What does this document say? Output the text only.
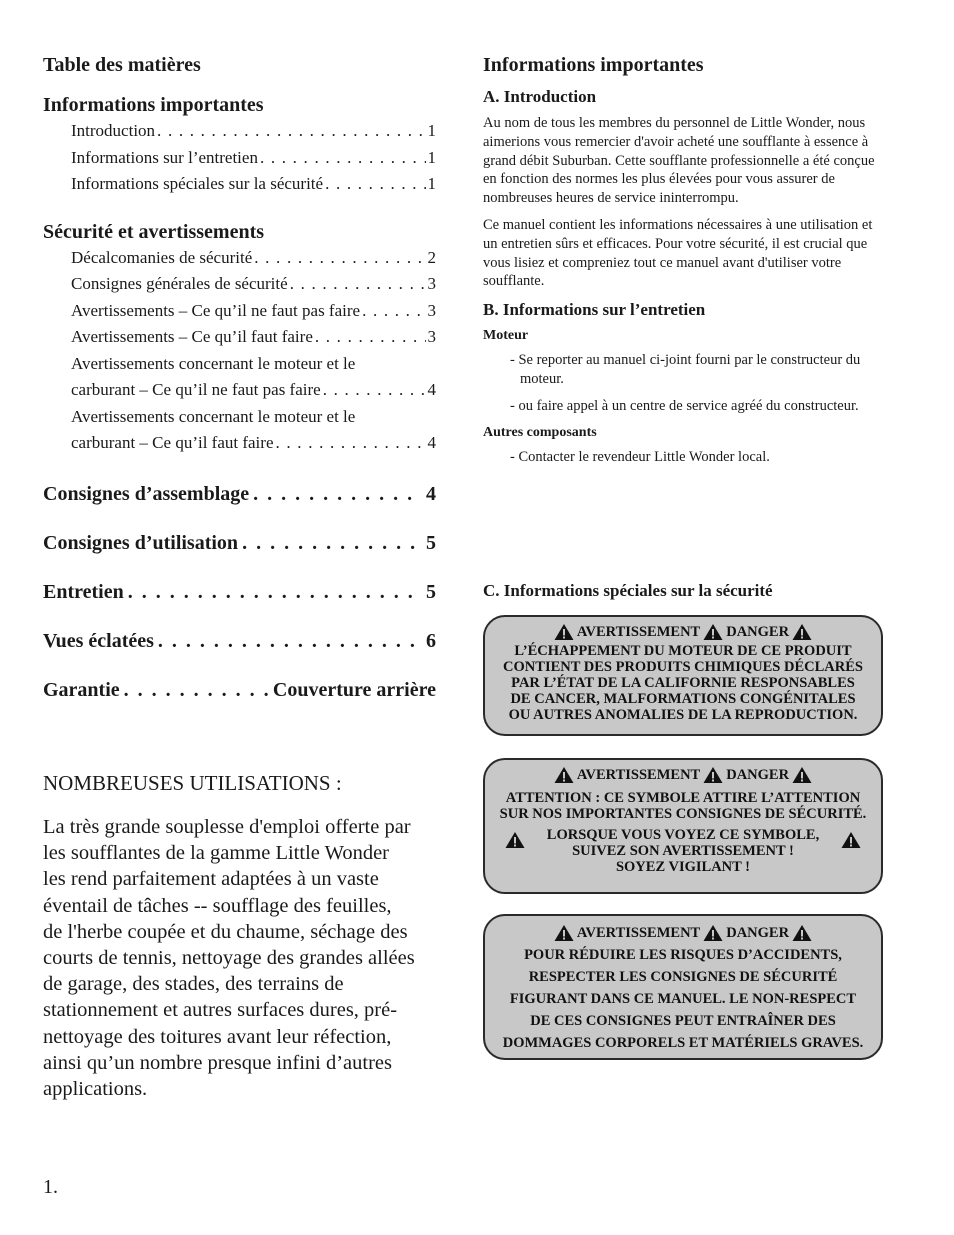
Table des matières
Informations importantes
Introduction . . .	1
Informations sur l’entretien . . .	1
Informations spéciales sur la sécurité . . .	1
Sécurité et avertissements
Décalcomanies de sécurité . . .	2
Consignes générales de sécurité . . .	3
Avertissements – Ce qu’il ne faut pas faire . . .	3
Avertissements – Ce qu’il faut faire . . .	3
Avertissements concernant le moteur et le
carburant – Ce qu’il ne faut pas faire . . .	4
Avertissements concernant le moteur et le
carburant – Ce qu’il faut faire . . .	4
Consignes d’assemblage . . .	4
Consignes d’utilisation . . .	5
Entretien . . .	5
Vues éclatées . . .	6
Garantie . . .	Couverture arrière
NOMBREUSES UTILISATIONS :
La très grande souplesse d'emploi offerte par
les soufflantes de la gamme Little Wonder
les rend parfaitement adaptées à un vaste
éventail de tâches -- soufflage des feuilles,
de l'herbe coupée et du chaume, séchage des
courts de tennis, nettoyage des grandes allées
de garage, des stades, des terrains de
stationnement et autres surfaces dures, pré-
nettoyage des toitures avant leur réfection,
ainsi qu’un nombre presque infini d’autres
applications.
1.
Informations importantes
A. Introduction

Au nom de tous les membres du personnel de Little Wonder, nous aimerions vous remercier d'avoir acheté une soufflante à essence à grand débit Suburban. Cette soufflante professionnelle a été conçue en fonction des normes les plus élevées pour vous assurer de nombreuses heures de service ininterrompu.

Ce manuel contient les informations nécessaires à une utilisation et un entretien sûrs et efficaces. Pour votre sécurité, il est crucial que vous lisiez et compreniez tout ce manuel avant d'utiliser votre soufflante.

B. Informations sur l’entretien
Moteur

- Se reporter au manuel ci-joint fourni par le constructeur du moteur.

- ou faire appel à un centre de service agréé du constructeur.

Autres composants

- Contacter le revendeur Little Wonder local.

C. Informations spéciales sur la sécurité
AVERTISSEMENT DANGER
L’ÉCHAPPEMENT DU MOTEUR DE CE PRODUIT
CONTIENT DES PRODUITS CHIMIQUES DÉCLARÉS
PAR L’ÉTAT DE LA CALIFORNIE RESPONSABLES
DE CANCER, MALFORMATIONS CONGÉNITALES
OU AUTRES ANOMALIES DE LA REPRODUCTION.
AVERTISSEMENT DANGER
ATTENTION : CE SYMBOLE ATTIRE L’ATTENTION
SUR NOS IMPORTANTES CONSIGNES DE SÉCURITÉ.
LORSQUE VOUS VOYEZ CE SYMBOLE,
SUIVEZ SON AVERTISSEMENT !
SOYEZ VIGILANT !
AVERTISSEMENT DANGER
POUR RÉDUIRE LES RISQUES D’ACCIDENTS,
RESPECTER LES CONSIGNES DE SÉCURITÉ
FIGURANT DANS CE MANUEL. LE NON-RESPECT
DE CES CONSIGNES PEUT ENTRAÎNER DES
DOMMAGES CORPORELS ET MATÉRIELS GRAVES.
